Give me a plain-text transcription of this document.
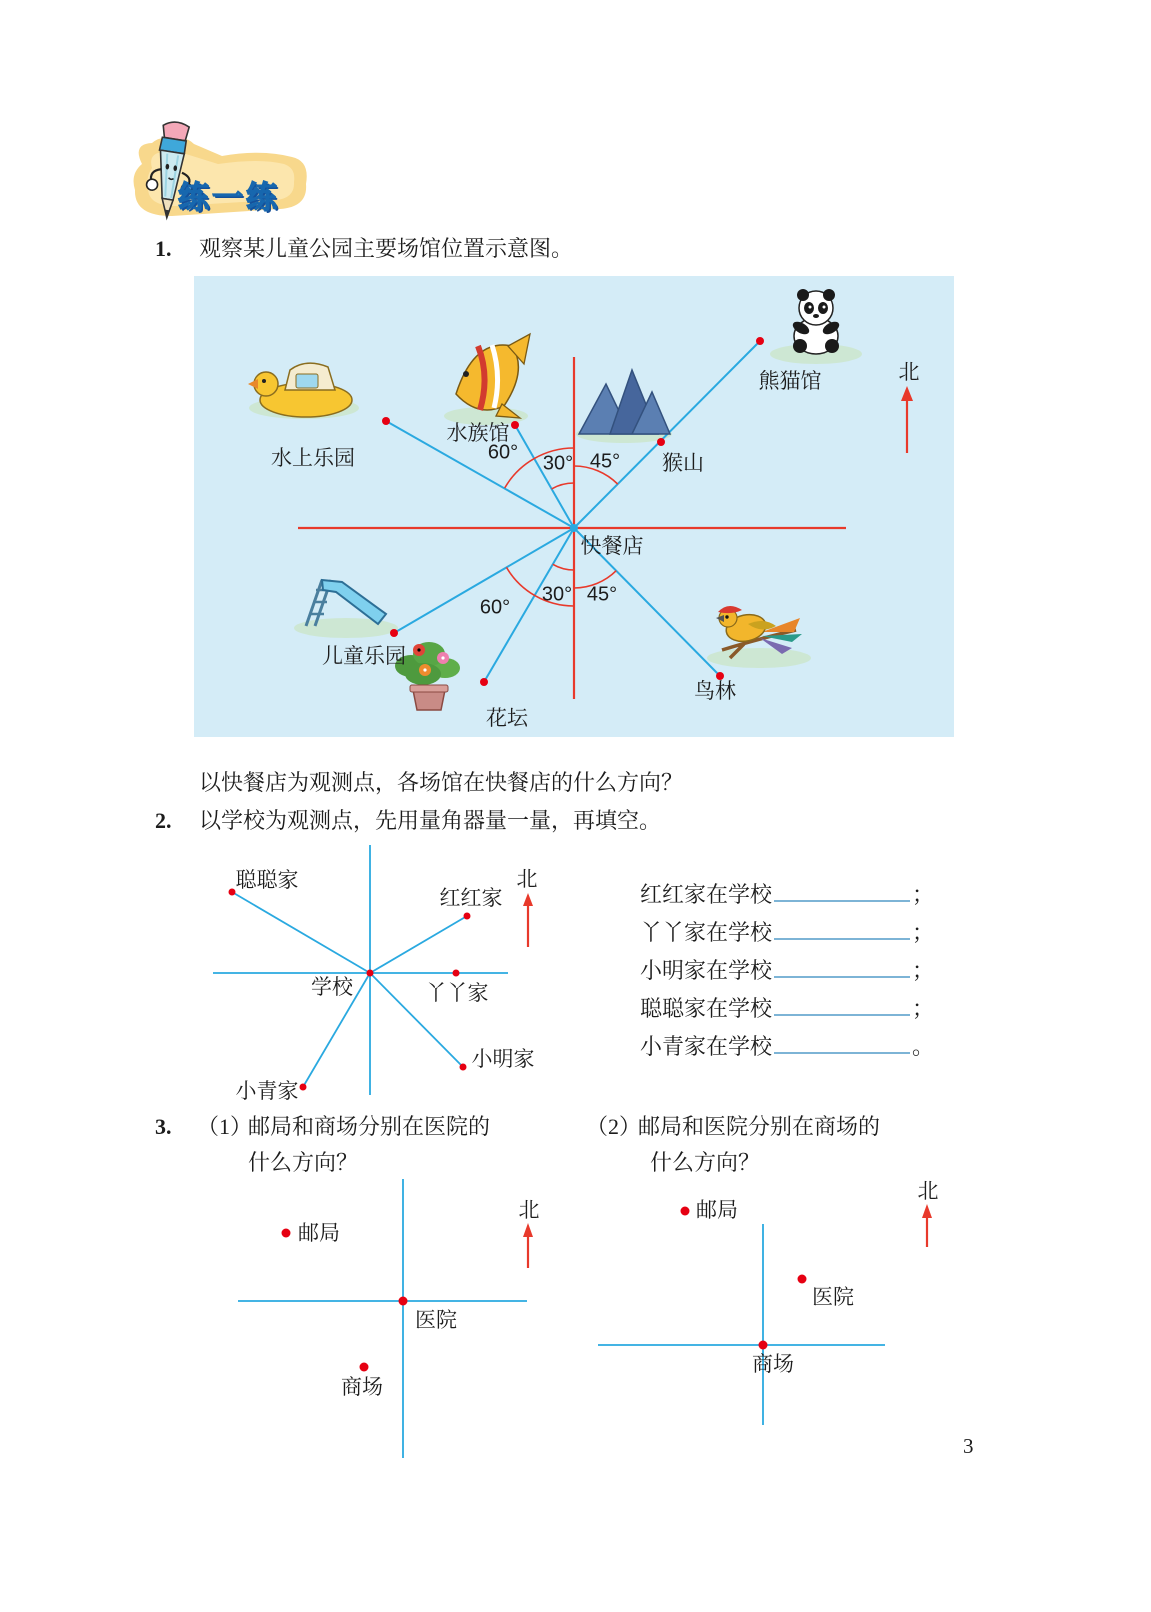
练一练
1. 观察某儿童公园主要场馆位置示意图。
水上乐园
水族馆
60° 30° 45° 猴山
熊猫馆
快餐店
儿童乐园
60°
30° 45°
花坛
鸟林
北
以快餐店为观测点，各场馆在快餐店的什么方向？
2. 以学校为观测点，先用量角器量一量，再填空。
聪聪家
红红家
学校	丫丫家
小明家
小青家
北
红红家在学校	；
丫丫家在学校	；
小明家在学校	；
聪聪家在学校	；
小青家在学校	。
3. （1）
邮局和商场分别在医院的
什么方向？
（2）
邮局和医院分别在商场的
什么方向？
邮局
医院
商场
北	邮局
医院
商场
北
3
